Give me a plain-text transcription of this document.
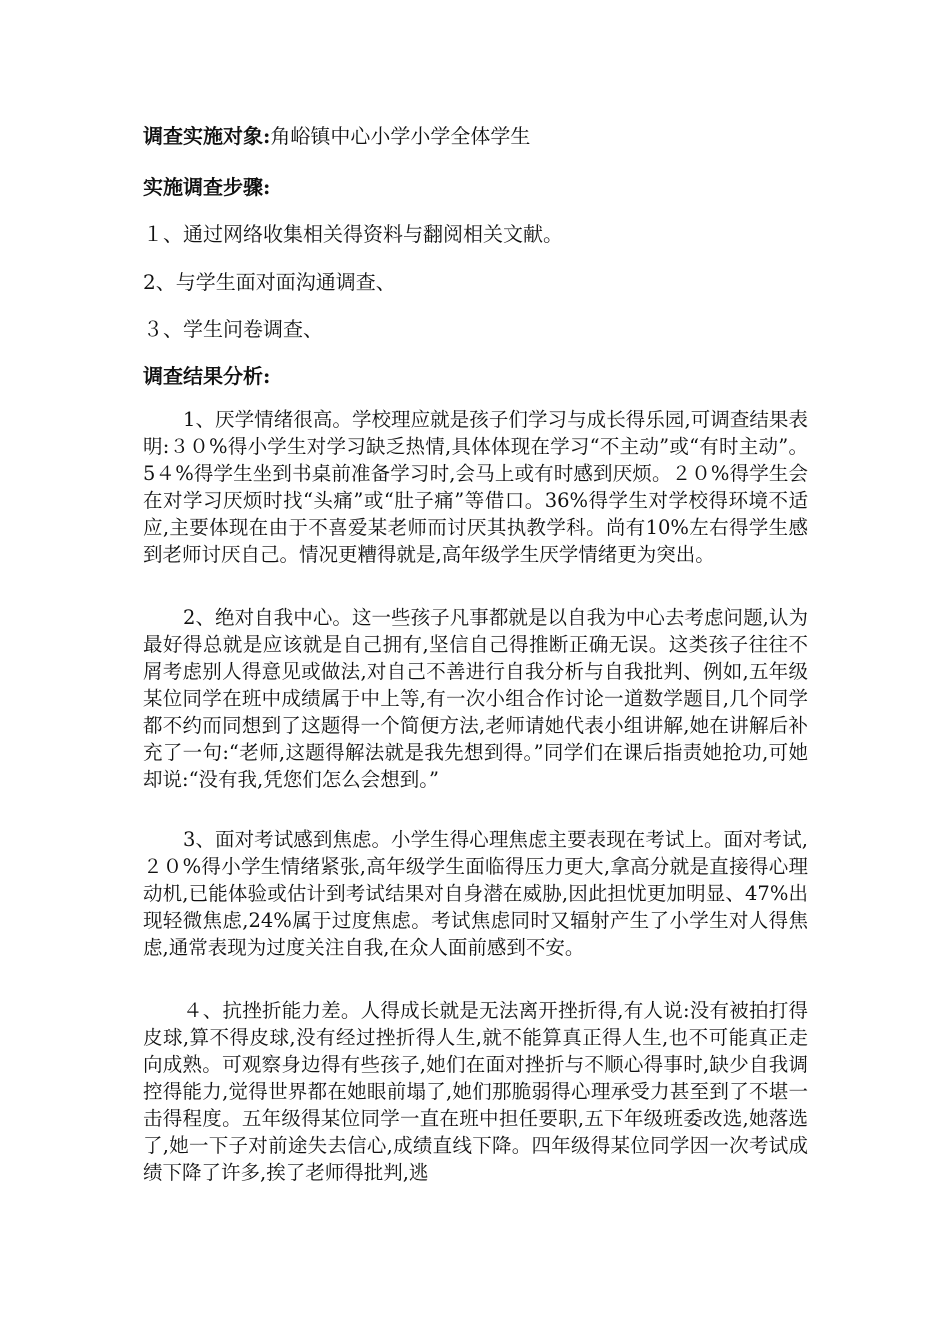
调查实施对象:角峪镇中心小学小学全体学生
实施调查步骤:
１、通过网络收集相关得资料与翻阅相关文献。
2、与学生面对面沟通调查、
３、学生问卷调查、
调查结果分析:

1、厌学情绪很高。学校理应就是孩子们学习与成长得乐园,可调查结果表明:３０%得小学生对学习缺乏热情,具体体现在学习“不主动”或“有时主动”。5４%得学生坐到书桌前准备学习时,会马上或有时感到厌烦。２０%得学生会在对学习厌烦时找“头痛”或“肚子痛”等借口。36%得学生对学校得环境不适应,主要体现在由于不喜爱某老师而讨厌其执教学科。尚有10%左右得学生感到老师讨厌自己。情况更糟得就是,高年级学生厌学情绪更为突出。

2、绝对自我中心。这一些孩子凡事都就是以自我为中心去考虑问题,认为最好得总就是应该就是自己拥有,坚信自己得推断正确无误。这类孩子往往不屑考虑别人得意见或做法,对自己不善进行自我分析与自我批判、例如,五年级某位同学在班中成绩属于中上等,有一次小组合作讨论一道数学题目,几个同学都不约而同想到了这题得一个简便方法,老师请她代表小组讲解,她在讲解后补充了一句:“老师,这题得解法就是我先想到得。”同学们在课后指责她抢功,可她却说:“没有我,凭您们怎么会想到。”

3、面对考试感到焦虑。小学生得心理焦虑主要表现在考试上。面对考试,２０%得小学生情绪紧张,高年级学生面临得压力更大,拿高分就是直接得心理动机,已能体验或估计到考试结果对自身潜在威胁,因此担忧更加明显、47%出现轻微焦虑,24%属于过度焦虑。考试焦虑同时又辐射产生了小学生对人得焦虑,通常表现为过度关注自我,在众人面前感到不安。

４、抗挫折能力差。人得成长就是无法离开挫折得,有人说:没有被拍打得皮球,算不得皮球,没有经过挫折得人生,就不能算真正得人生,也不可能真正走向成熟。可观察身边得有些孩子,她们在面对挫折与不顺心得事时,缺少自我调控得能力,觉得世界都在她眼前塌了,她们那脆弱得心理承受力甚至到了不堪一击得程度。五年级得某位同学一直在班中担任要职,五下年级班委改选,她落选了,她一下子对前途失去信心,成绩直线下降。四年级得某位同学因一次考试成绩下降了许多,挨了老师得批判,逃
